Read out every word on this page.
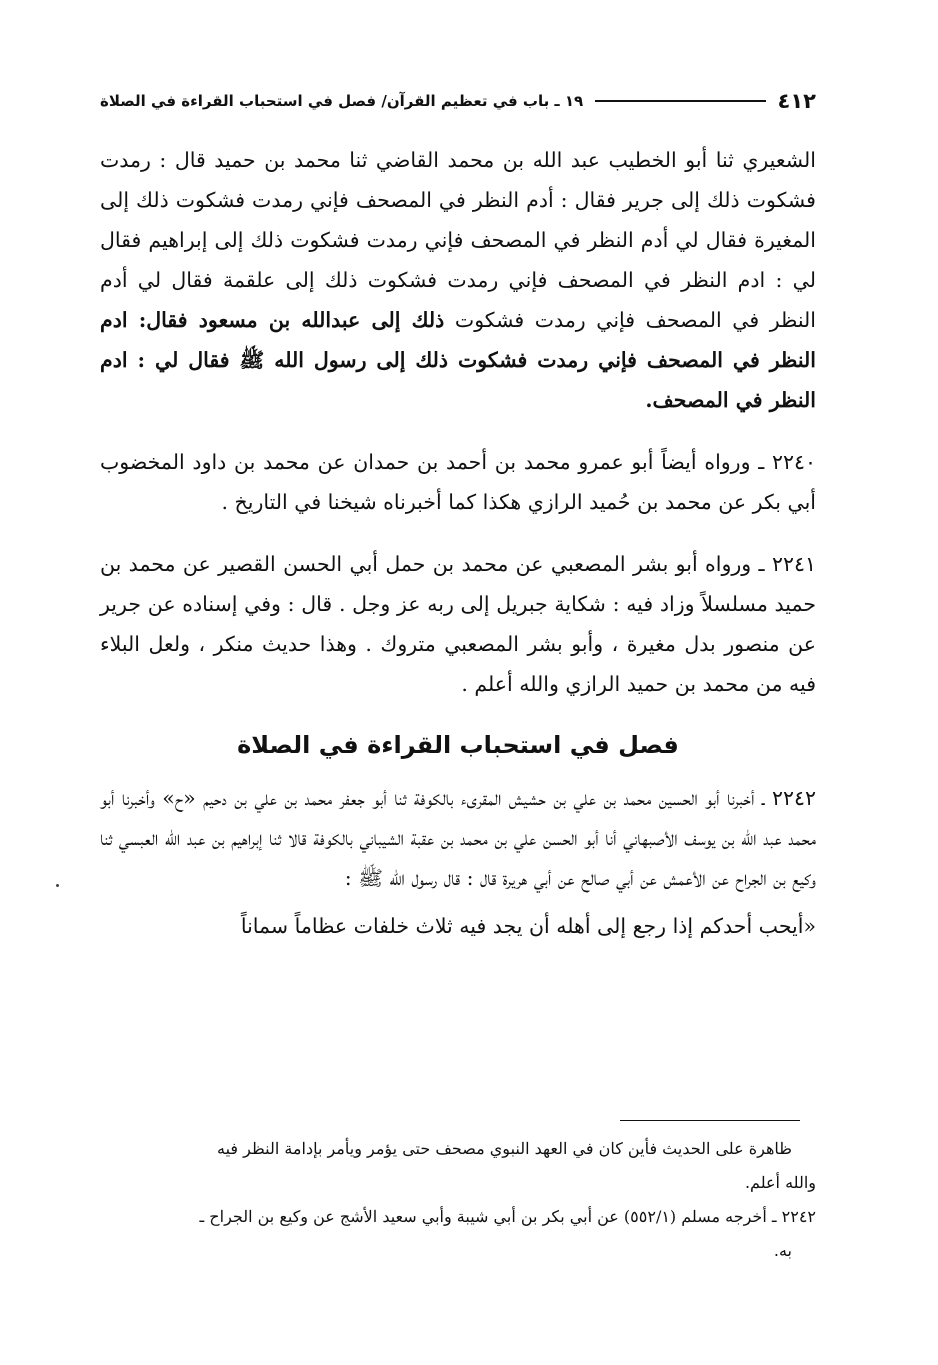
٤١٢
١٩ ـ باب في تعظيم القرآن/ فصل في استحباب القراءة في الصلاة

الشعيري ثنا أبو الخطيب عبد الله بن محمد القاضي ثنا محمد بن حميد قال : رمدت فشكوت ذلك إلى جرير فقال : أدم النظر في المصحف فإني رمدت فشكوت ذلك إلى المغيرة فقال لي أدم النظر في المصحف فإني رمدت فشكوت ذلك إلى إبراهيم فقال لي : ادم النظر في المصحف فإني رمدت فشكوت ذلك إلى علقمة فقال لي أدم النظر في المصحف فإني رمدت فشكوت ذلك إلى عبدالله بن مسعود فقال: ادم النظر في المصحف فإني رمدت فشكوت ذلك إلى رسول الله ﷺ فقال لي : ادم النظر في المصحف.

٢٢٤٠ ـ ورواه أيضاً أبو عمرو محمد بن أحمد بن حمدان عن محمد بن داود المخضوب أبي بكر عن محمد بن حُميد الرازي هكذا كما أخبرناه شيخنا في التاريخ .

٢٢٤١ ـ ورواه أبو بشر المصعبي عن محمد بن حمل أبي الحسن القصير عن محمد بن حميد مسلسلاً وزاد فيه : شكاية جبريل إلى ربه عز وجل . قال : وفي إسناده عن جرير عن منصور بدل مغيرة ، وأبو بشر المصعبي متروك . وهذا حديث منكر ، ولعل البلاء فيه من محمد بن حميد الرازي والله أعلم .

فصل في استحباب القراءة في الصلاة

٢٢٤٢ ـ أخبرنا أبو الحسين محمد بن علي بن حشيش المقرىء بالكوفة ثنا أبو جعفر محمد بن علي بن دحيم «ح» وأخبرنا أبو محمد عبد الله بن يوسف الأصبهاني أنا أبو الحسن علي بن محمد بن عقبة الشيباني بالكوفة قالا ثنا إبراهيم بن عبد الله العبسي ثنا وكيع بن الجراح عن الأعمش عن أبي صالح عن أبي هريرة قال : قال رسول الله ﷺ :

«أيحب أحدكم إذا رجع إلى أهله أن يجد فيه ثلاث خلفات عظاماً سماناً

ظاهرة على الحديث فأين كان في العهد النبوي مصحف حتى يؤمر ويأمر بإدامة النظر فيه
والله أعلم.
٢٢٤٢ ـ أخرجه مسلم (٥٥٢/١) عن أبي بكر بن أبي شيبة وأبي سعيد الأشج عن وكيع بن الجراح ـ
به.
